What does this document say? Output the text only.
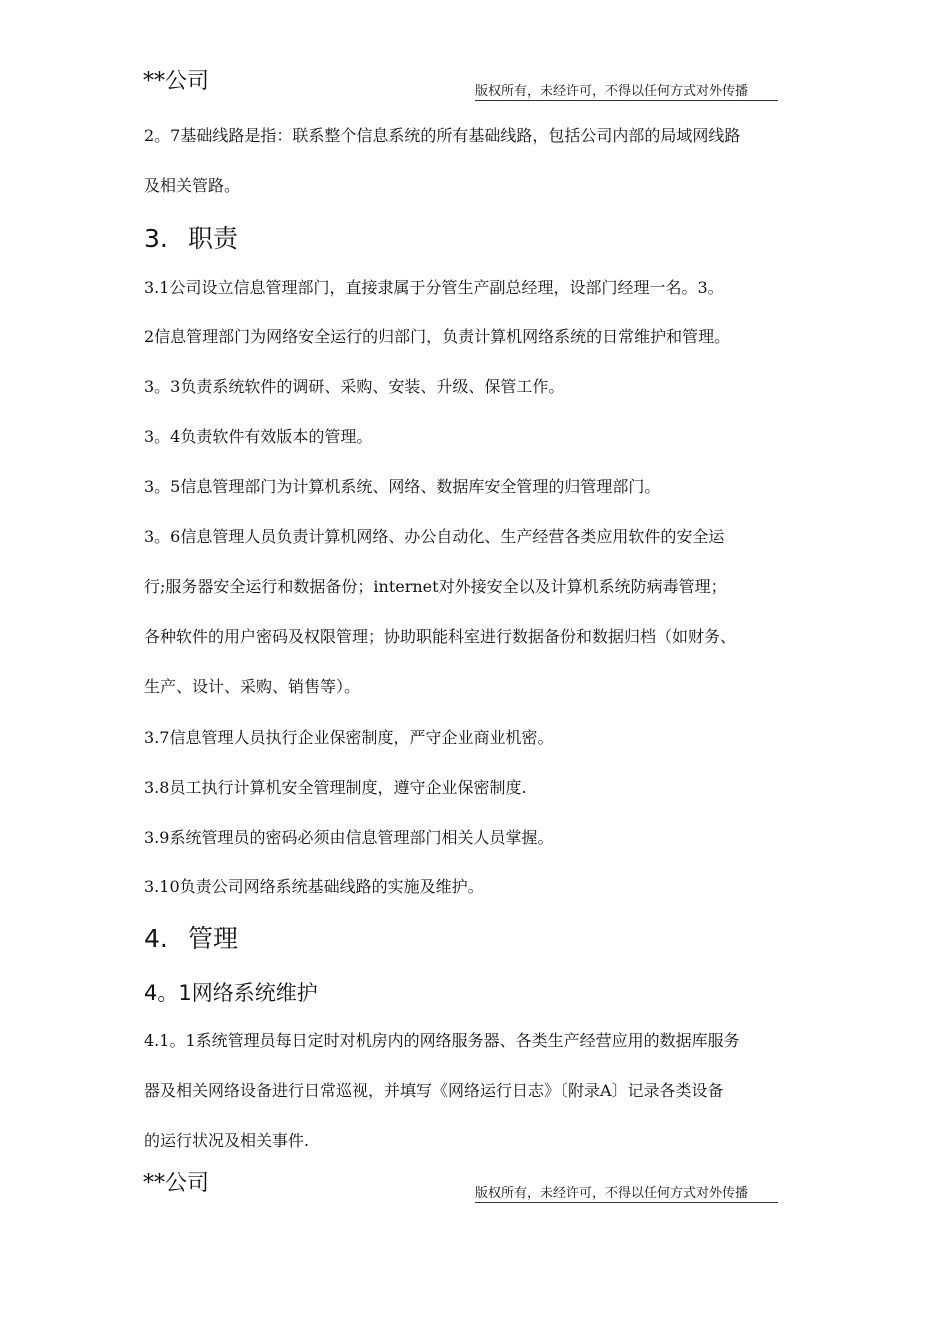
**公司	版权所有，未经许可，不得以任何方式对外传播
2。7基础线路是指：联系整个信息系统的所有基础线路，包括公司内部的局域网线路
及相关管路。
3. 职责
3.1公司设立信息管理部门，直接隶属于分管生产副总经理，设部门经理一名。3。
2信息管理部门为网络安全运行的归部门，负责计算机网络系统的日常维护和管理。
3。3负责系统软件的调研、采购、安装、升级、保管工作。
3。4负责软件有效版本的管理。
3。5信息管理部门为计算机系统、网络、数据库安全管理的归管理部门。
3。6信息管理人员负责计算机网络、办公自动化、生产经营各类应用软件的安全运
行;服务器安全运行和数据备份；internet对外接安全以及计算机系统防病毒管理；
各种软件的用户密码及权限管理；协助职能科室进行数据备份和数据归档（如财务、
生产、设计、采购、销售等）。
3.7信息管理人员执行企业保密制度，严守企业商业机密。
3.8员工执行计算机安全管理制度，遵守企业保密制度.
3.9系统管理员的密码必须由信息管理部门相关人员掌握。
3.10负责公司网络系统基础线路的实施及维护。
4. 管理
4。1网络系统维护
4.1。1系统管理员每日定时对机房内的网络服务器、各类生产经营应用的数据库服务
器及相关网络设备进行日常巡视，并填写《网络运行日志》〔附录A〕记录各类设备
的运行状况及相关事件.
**公司	版权所有，未经许可，不得以任何方式对外传播
